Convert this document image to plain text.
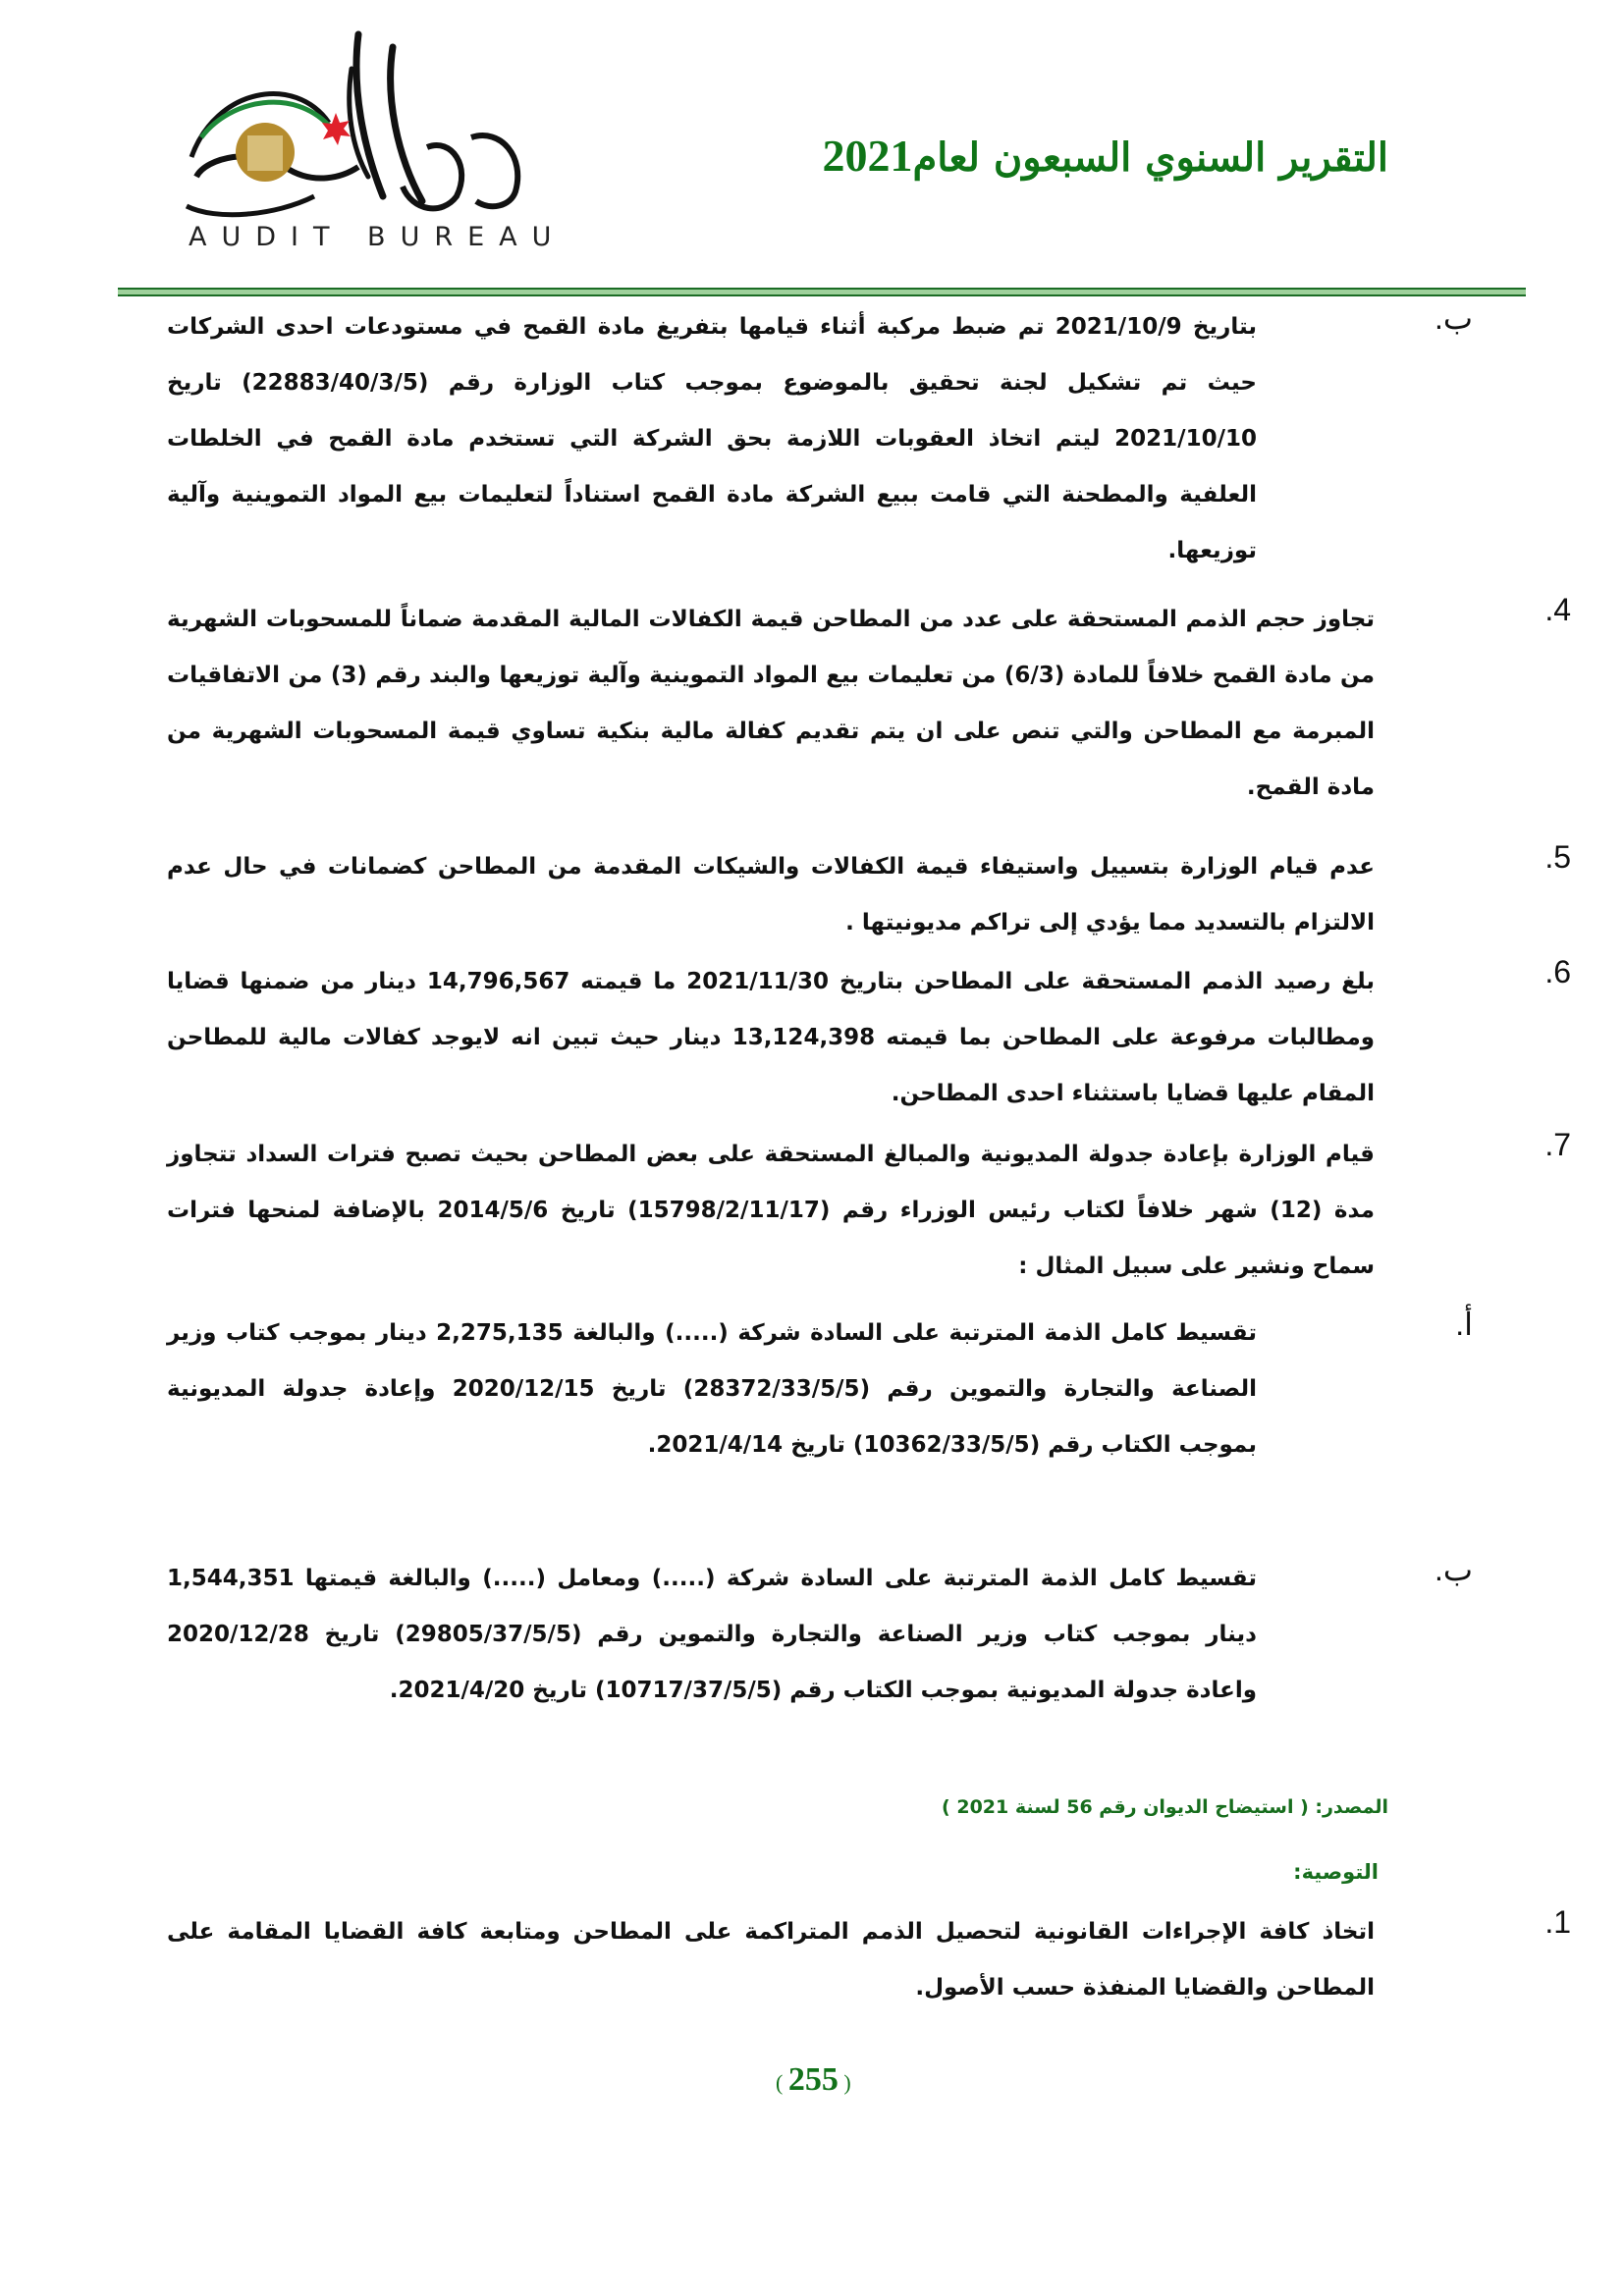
AUDIT BUREAU
التقرير السنوي السبعون لعام2021
ب.
بتاريخ 2021/10/9 تم ضبط مركبة أثناء قيامها بتفريغ مادة القمح في مستودعات احدى الشركات حيث تم تشكيل لجنة تحقيق بالموضوع بموجب كتاب الوزارة رقم (22883/40/3/5) تاريخ 2021/10/10 ليتم اتخاذ العقوبات اللازمة بحق الشركة التي تستخدم مادة القمح في الخلطات العلفية والمطحنة التي قامت ببيع الشركة مادة القمح استناداً لتعليمات بيع المواد التموينية وآلية توزيعها.
4.
تجاوز حجم الذمم المستحقة على عدد من المطاحن قيمة الكفالات المالية المقدمة ضماناً للمسحوبات الشهرية من مادة القمح خلافاً للمادة (6/3) من تعليمات بيع المواد التموينية وآلية توزيعها والبند رقم (3) من الاتفاقيات المبرمة مع المطاحن والتي تنص على ان يتم تقديم كفالة مالية بنكية تساوي قيمة المسحوبات الشهرية من مادة القمح.
5.
عدم قيام الوزارة بتسييل واستيفاء قيمة الكفالات والشيكات المقدمة من المطاحن كضمانات في حال عدم الالتزام بالتسديد مما يؤدي إلى تراكم مديونيتها .
6.
بلغ رصيد الذمم المستحقة على المطاحن بتاريخ 2021/11/30 ما قيمته 14,796,567 دينار من ضمنها قضايا ومطالبات مرفوعة على المطاحن بما قيمته 13,124,398 دينار حيث تبين انه لايوجد كفالات مالية للمطاحن المقام عليها قضايا باستثناء احدى المطاحن.
7.
قيام الوزارة بإعادة جدولة المديونية والمبالغ المستحقة على بعض المطاحن بحيث تصبح فترات السداد تتجاوز مدة (12) شهر خلافاً لكتاب رئيس الوزراء رقم (15798/2/11/17) تاريخ 2014/5/6 بالإضافة لمنحها فترات سماح ونشير على سبيل المثال :
أ.
تقسيط كامل الذمة المترتبة على السادة شركة (.....) والبالغة 2,275,135 دينار بموجب كتاب وزير الصناعة والتجارة والتموين رقم (28372/33/5/5) تاريخ 2020/12/15 وإعادة جدولة المديونية بموجب الكتاب رقم (10362/33/5/5) تاريخ 2021/4/14.
ب.
تقسيط كامل الذمة المترتبة على السادة شركة (.....) ومعامل (.....) والبالغة قيمتها 1,544,351 دينار بموجب كتاب وزير الصناعة والتجارة والتموين رقم (29805/37/5/5) تاريخ 2020/12/28 واعادة جدولة المديونية بموجب الكتاب رقم (10717/37/5/5) تاريخ 2021/4/20.
المصدر: ( استيضاح الديوان رقم 56 لسنة 2021 )
التوصية:
1.
اتخاذ كافة الإجراءات القانونية لتحصيل الذمم المتراكمة على المطاحن ومتابعة كافة القضايا المقامة على المطاحن والقضايا المنفذة حسب الأصول.
( 255 )
